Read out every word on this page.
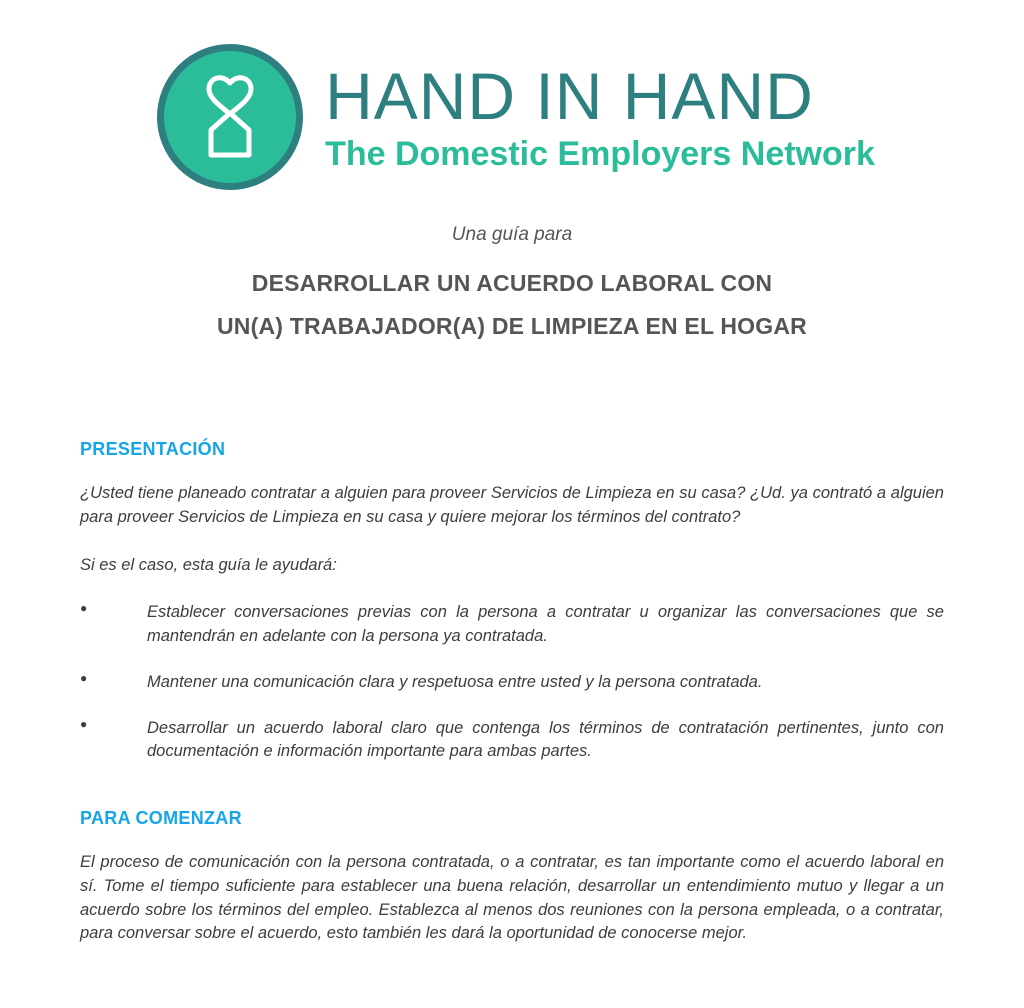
HAND IN HAND
The Domestic Employers Network
Una guía para
DESARROLLAR UN ACUERDO LABORAL CON
UN(A) TRABAJADOR(A) DE LIMPIEZA EN EL HOGAR
PRESENTACIÓN

¿Usted tiene planeado contratar a alguien para proveer Servicios de Limpieza en su casa? ¿Ud. ya contrató a alguien para proveer Servicios de Limpieza en su casa y quiere mejorar los términos del contrato?

Si es el caso, esta guía le ayudará:

● Establecer conversaciones previas con la persona a contratar u organizar las conversaciones que se mantendrán en adelante con la persona ya contratada.
● Mantener una comunicación clara y respetuosa entre usted y la persona contratada.
● Desarrollar un acuerdo laboral claro que contenga los términos de contratación pertinentes, junto con documentación e información importante para ambas partes.
PARA COMENZAR

El proceso de comunicación con la persona contratada, o a contratar, es tan importante como el acuerdo laboral en sí. Tome el tiempo suficiente para establecer una buena relación, desarrollar un entendimiento mutuo y llegar a un acuerdo sobre los términos del empleo. Establezca al menos dos reuniones con la persona empleada, o a contratar, para conversar sobre el acuerdo, esto también les dará la oportunidad de conocerse mejor.
